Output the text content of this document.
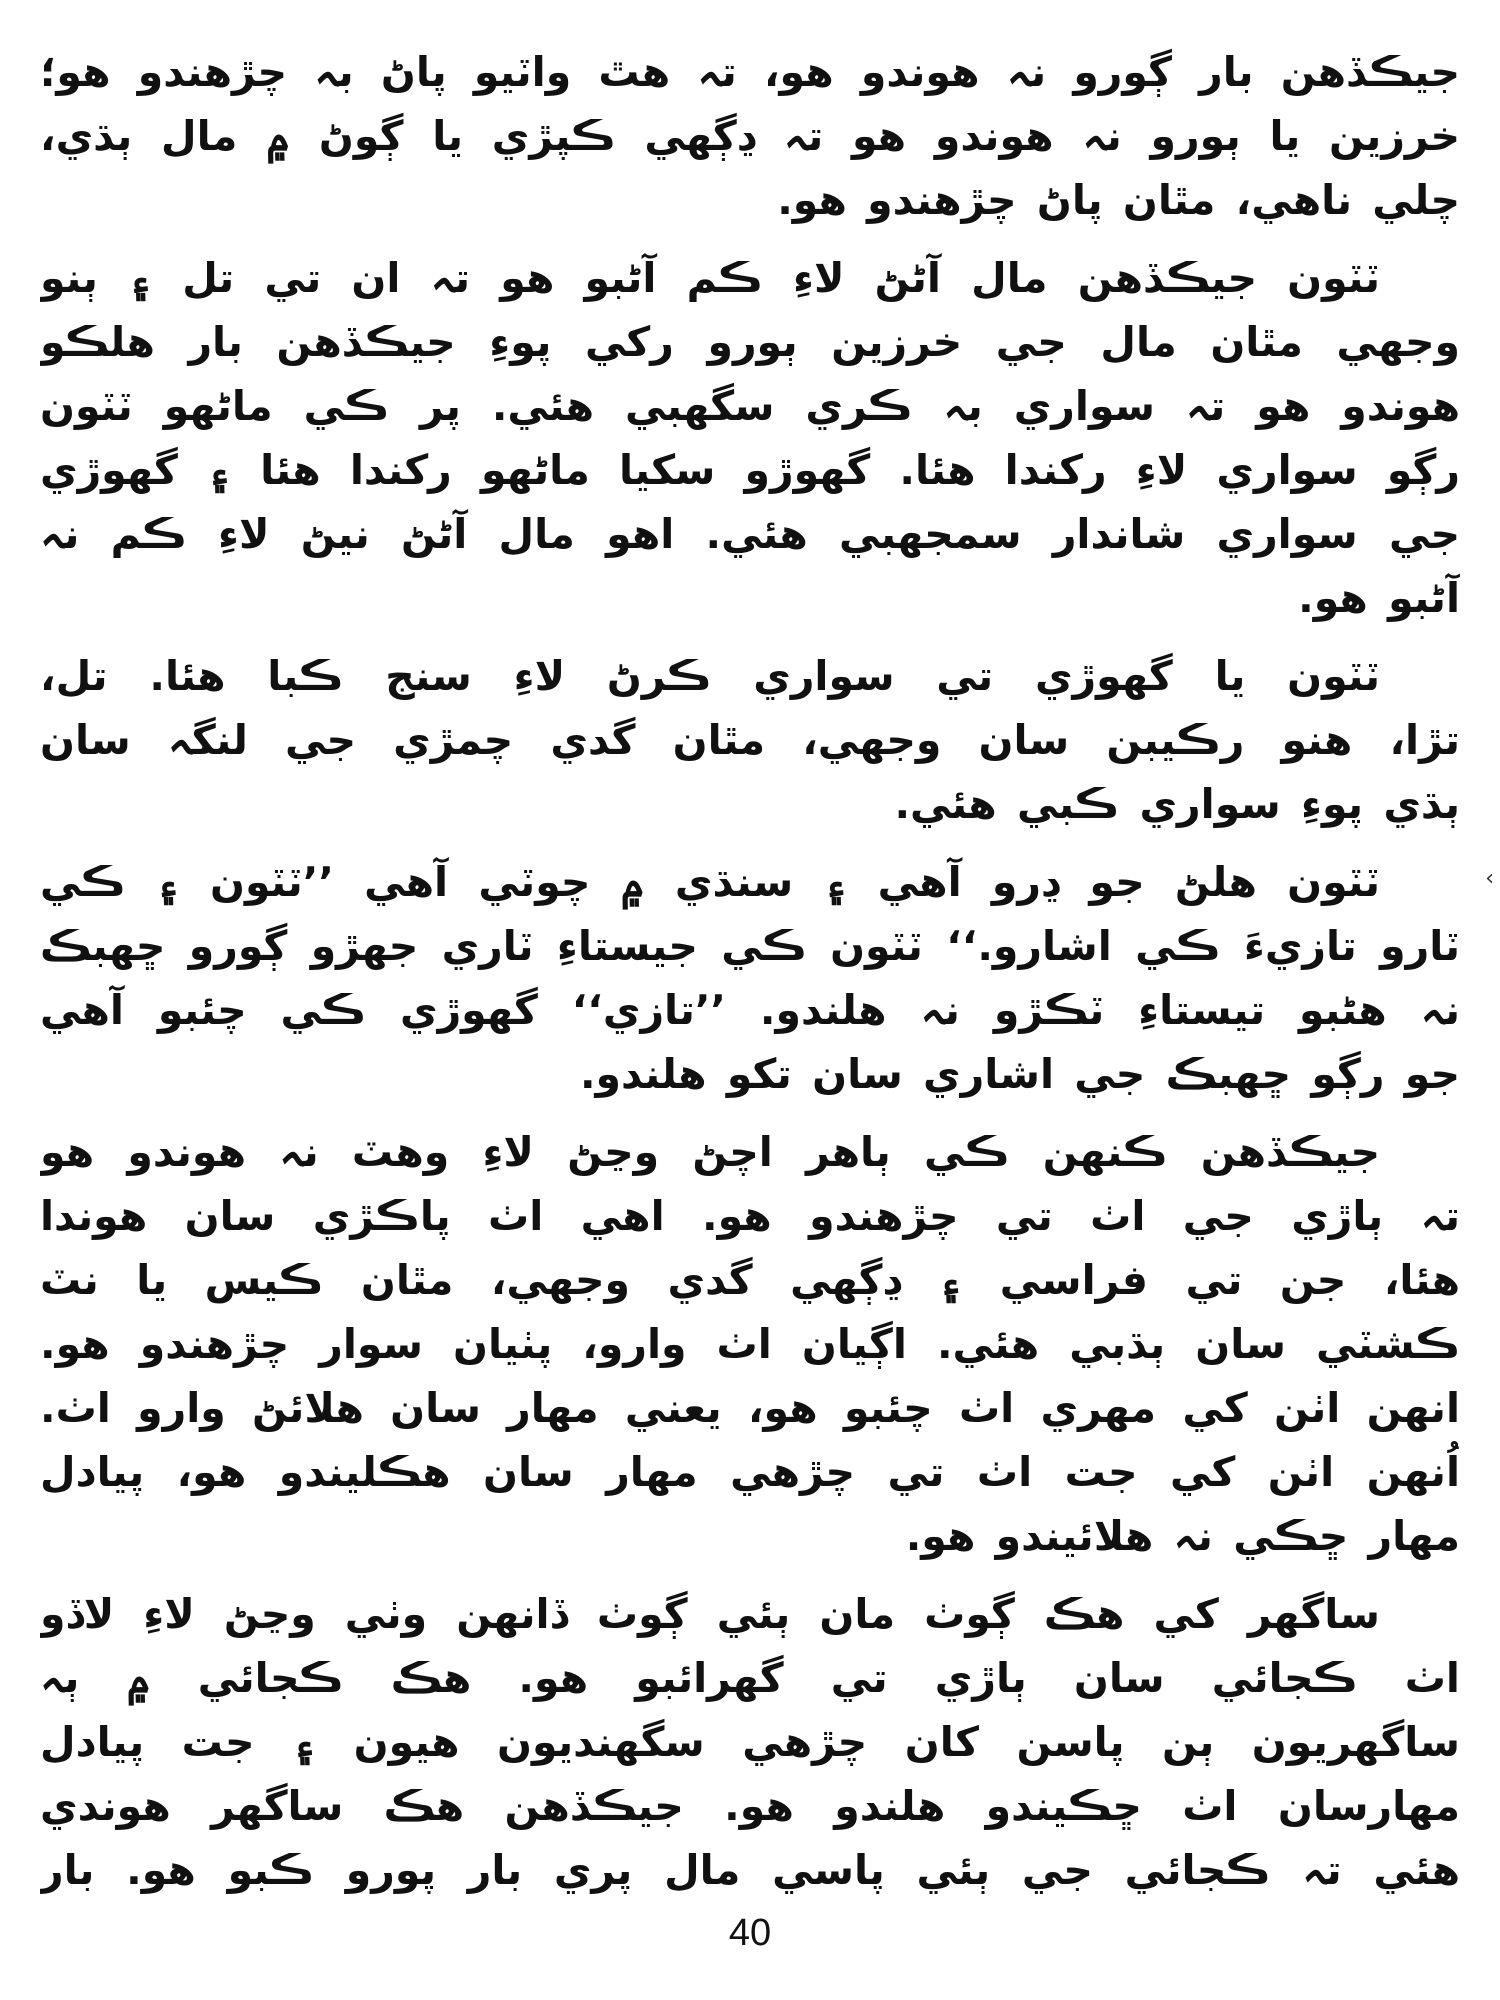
جيڪڏهن بار ڳورو نہ هوندو هو، تہ هٿ واٽيو پاڻ بہ چڙهندو هو؛
خرزين يا ٻورو نہ هوندو هو تہ ڍڳهي ڪپڙي يا ڳوڻ ۾ مال ٻڌي،
چلي ناهي، مٿان پاڻ چڙهندو هو.
ٽٽون جيڪڏهن مال آڻڻ لاءِ ڪم آڻبو هو تہ ان تي تل ۽ ٻنو
وجهي مٿان مال جي خرزين ٻورو رکي پوءِ جيڪڏهن بار هلڪو
هوندو هو تہ سواري بہ ڪري سگهبي هئي. پر ڪي ماڻهو ٽٽون
رڳو سواري لاءِ رکندا هئا. گهوڙو سکيا ماڻهو رکندا هئا ۽ گهوڙي
جي سواري شاندار سمجهبي هئي. اهو مال آڻڻ نيڻ لاءِ ڪم نہ
آڻبو هو.
ٽٽون يا گهوڙي تي سواري ڪرڻ لاءِ سنج ڪبا هئا. تل،
تڙا، هنو رڪيبن سان وجهي، مٿان گدي چمڙي جي لنگہ سان
ٻڌي پوءِ سواري ڪبي هئي.
ٽٽون هلڻ جو ڍرو آهي ۽ سنڌي ۾ چوٽي آهي ’’ٽٽون ۽ ڪي
ٽارو تازيءَ ڪي اشارو.‘‘ ٽٽون ڪي جيستاءِ ٽاري جهڙو ڳورو ڇهبڪ
نہ هڻبو تيستاءِ ٽڪڙو نہ هلندو. ’’تازي‘‘ گهوڙي ڪي چئبو آهي
جو رڳو ڇهبڪ جي اشاري سان تکو هلندو.
جيڪڏهن ڪنهن ڪي ٻاهر اچڻ وڃڻ لاءِ وهٽ نہ هوندو هو
تہ ٻاڙي جي اٺ تي چڙهندو هو. اهي اٺ پاڪڙي سان هوندا
هئا، جن تي فراسي ۽ ڍڳهي گدي وجهي، مٿان ڪيس يا نٽ
ڪشٽي سان ٻڌبي هئي. اڳيان اٺ وارو، پٺيان سوار چڙهندو هو.
انهن اٺن کي مهري اٺ چئبو هو، يعني مهار سان هلائڻ وارو اٺ.
اُنهن اٺن کي جت اٺ تي چڙهي مهار سان هڪليندو هو، پيادل
مهار ڇڪي نہ هلائيندو هو.
ساگهر کي هڪ ڳوٺ مان ٻئي ڳوٺ ڏانهن وٺي وڃڻ لاءِ لاڏو
اٺ ڪجائي سان ٻاڙي تي گهرائبو هو. هڪ ڪجائي ۾ ٻہ
ساگهريون ٻن پاسن کان چڙهي سگهنديون هيون ۽ جت پيادل
مهارسان اٺ ڇڪيندو هلندو هو. جيڪڏهن هڪ ساگهر هوندي
هئي تہ ڪجائي جي ٻئي پاسي مال پري بار پورو ڪبو هو. بار
‹
40
